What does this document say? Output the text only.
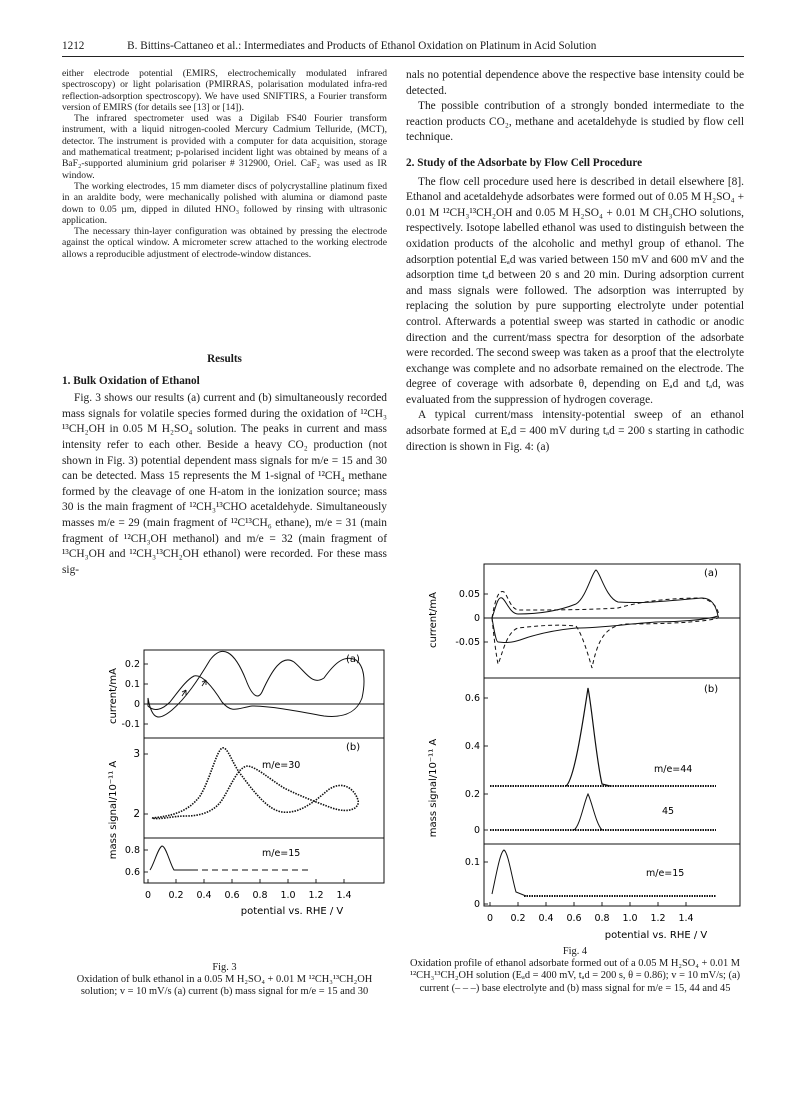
1212	B. Bittins-Cattaneo et al.: Intermediates and Products of Ethanol Oxidation on Platinum in Acid Solution

either electrode potential (EMIRS, electrochemically modulated infrared spectroscopy) or light polarisation (PMIRRAS, polarisation modulated infra-red reflection-adsorption spectroscopy). We have used SNIFTIRS, a Fourier transform version of EMIRS (for details see [13] or [14]).

The infrared spectrometer used was a Digilab FS40 Fourier transform instrument, with a liquid nitrogen-cooled Mercury Cadmium Telluride, (MCT), detector. The instrument is provided with a computer for data acquisition, storage and mathematical treatment; p-polarised incident light was obtained by means of a BaF₂-supported aluminium grid polariser # 312900, Oriel. CaF₂ was used as IR window.

The working electrodes, 15 mm diameter discs of polycrystalline platinum fixed in an araldite body, were mechanically polished with alumina or diamond paste down to 0.05 µm, dipped in diluted HNO₃ followed by rinsing with ultrasonic application.

The necessary thin-layer configuration was obtained by pressing the electrode against the optical window. A micrometer screw attached to the working electrode allows a reproducible adjustment of electrode-window distances.

Results
1. Bulk Oxidation of Ethanol

Fig. 3 shows our results (a) current and (b) simultaneously recorded mass signals for volatile species formed during the oxidation of ¹²CH₃ ¹³CH₂OH in 0.05 M H₂SO₄ solution. The peaks in current and mass intensity refer to each other. Beside a heavy CO₂ production (not shown in Fig. 3) potential dependent mass signals for m/e = 15 and 30 can be detected. Mass 15 represents the M 1-signal of ¹²CH₄ methane formed by the cleavage of one H-atom in the ionization source; mass 30 is the main fragment of ¹²CH₃¹³CHO acetaldehyde. Simultaneously masses m/e = 29 (main fragment of ¹²C¹³CH₆ ethane), m/e = 31 (main fragment of ¹²CH₃OH methanol) and m/e = 32 (main fragment of ¹³CH₃OH and ¹²CH₃¹³CH₂OH ethanol) were recorded. For these mass sig-

nals no potential dependence above the respective base intensity could be detected.

The possible contribution of a strongly bonded intermediate to the reaction products CO₂, methane and acetaldehyde is studied by flow cell technique.

2. Study of the Adsorbate by Flow Cell Procedure

The flow cell procedure used here is described in detail elsewhere [8]. Ethanol and acetaldehyde adsorbates were formed out of 0.05 M H₂SO₄ + 0.01 M ¹²CH₃¹³CH₂OH and 0.05 M H₂SO₄ + 0.01 M CH₃CHO solutions, respectively. Isotope labelled ethanol was used to distinguish between the oxidation products of the alcoholic and methyl group of ethanol. The adsorption potential Eₐd was varied between 150 mV and 600 mV and the adsorption time tₐd between 20 s and 20 min. During adsorption current and mass signals were followed. The adsorption was interrupted by replacing the solution by pure supporting electrolyte under potential control. Afterwards a potential sweep was started in cathodic or anodic direction and the current/mass spectra for desorption of the adsorbate were recorded. The second sweep was taken as a proof that the electrolyte exchange was complete and no adsorbate remained on the electrode. The degree of coverage with adsorbate θ, depending on Eₐd and tₐd, was evaluated from the suppression of hydrogen coverage.

A typical current/mass intensity-potential sweep of an ethanol adsorbate formed at Eₐd = 400 mV during tₐd = 200 s starting in cathodic direction is shown in Fig. 4: (a)

0.2
0.1
0
-0.1
3
2
0.8
0.6
current/mA
mass signal/10⁻¹¹ A
(a)
(b)
m/e=30
m/e=15
0 0.2 0.4 0.6 0.8 1.0 1.2 1.4
potential vs. RHE / V
Fig. 3
Oxidation of bulk ethanol in a 0.05 M H₂SO₄ + 0.01 M ¹²CH₃¹³CH₂OH solution; v = 10 mV/s (a) current (b) mass signal for m/e = 15 and 30
0.05
0
-0.05
0.6
0.4
0.2
0
0.1
0
current/mA
mass signal/10⁻¹¹ A
(a)
(b)
m/e=44
45
m/e=15
0 0.2 0.4 0.6 0.8 1.0 1.2 1.4
potential vs. RHE / V
Fig. 4
Oxidation profile of ethanol adsorbate formed out of a 0.05 M H₂SO₄ + 0.01 M ¹²CH₃¹³CH₂OH solution (Eₐd = 400 mV, tₐd = 200 s, θ = 0.86); v = 10 mV/s; (a) current (– – –) base electrolyte and (b) mass signal for m/e = 15, 44 and 45
